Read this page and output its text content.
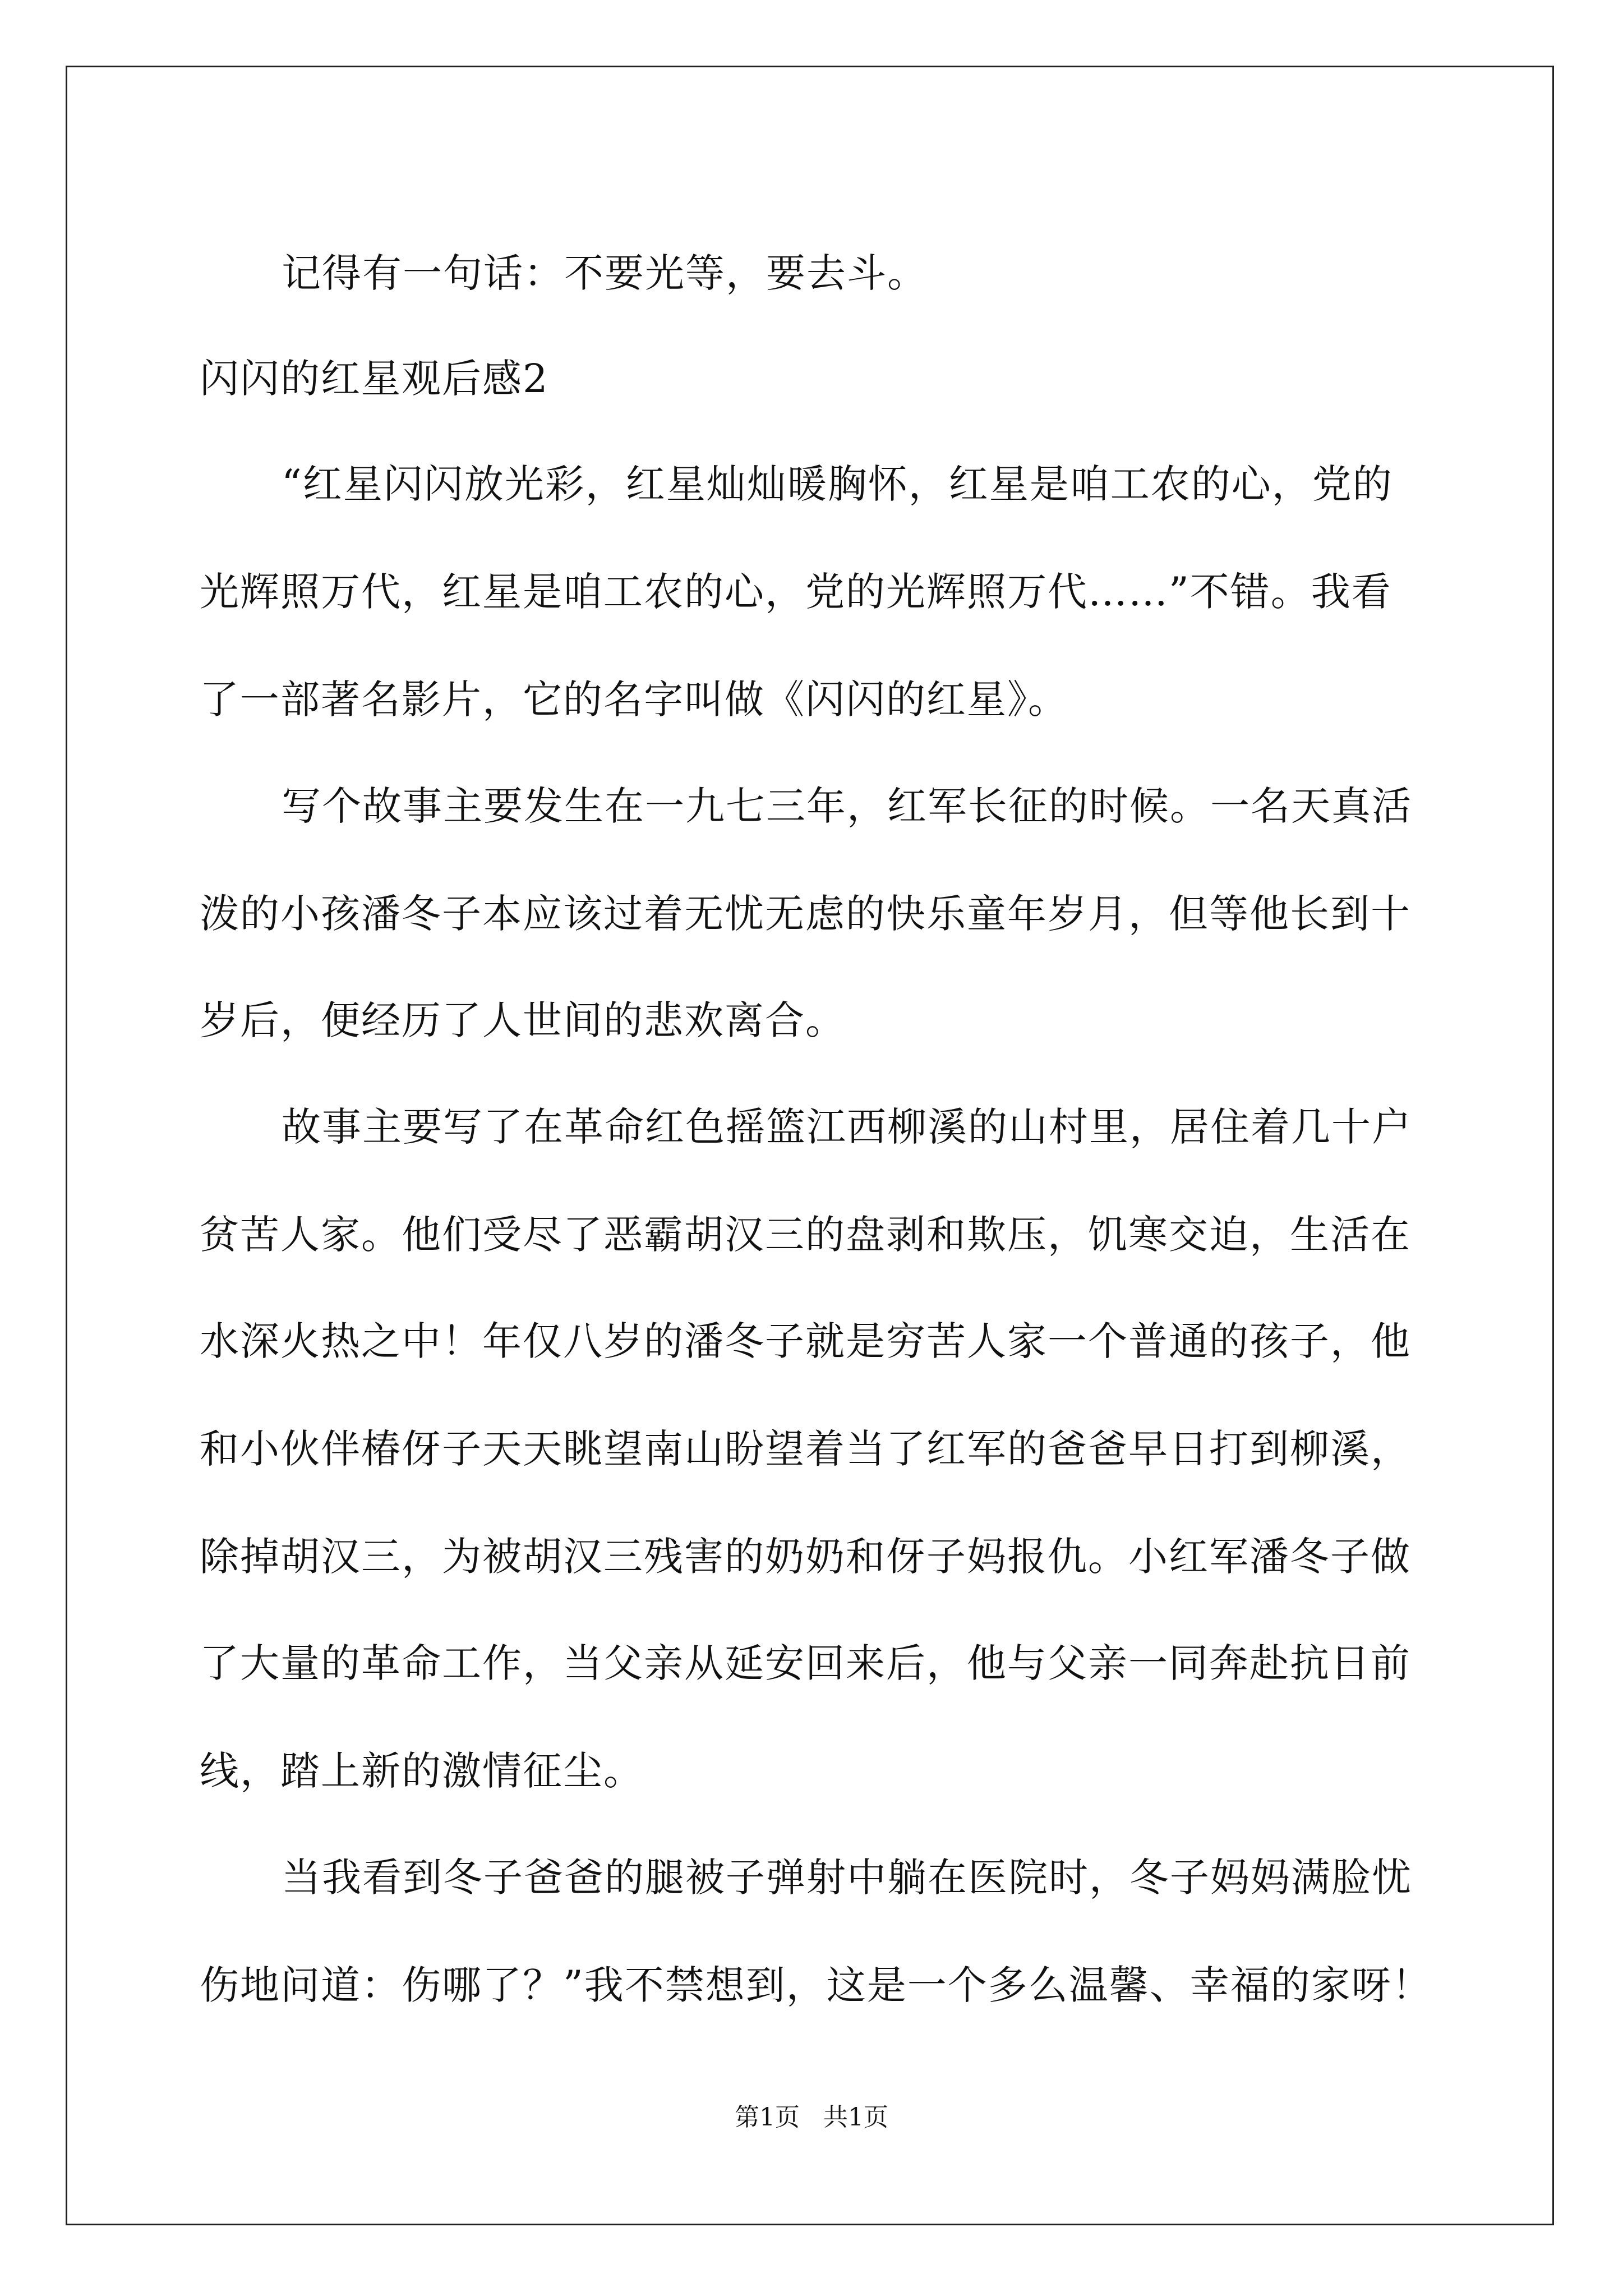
记得有一句话：不要光等，要去斗。
闪闪的红星观后感2
“红星闪闪放光彩，红星灿灿暖胸怀，红星是咱工农的心，党的
光辉照万代，红星是咱工农的心，党的光辉照万代……”不错。我看
了一部著名影片，它的名字叫做《闪闪的红星》。
写个故事主要发生在一九七三年，红军长征的时候。一名天真活
泼的小孩潘冬子本应该过着无忧无虑的快乐童年岁月，但等他长到十
岁后，便经历了人世间的悲欢离合。
故事主要写了在革命红色摇篮江西柳溪的山村里，居住着几十户
贫苦人家。他们受尽了恶霸胡汉三的盘剥和欺压，饥寒交迫，生活在
水深火热之中！年仅八岁的潘冬子就是穷苦人家一个普通的孩子，他
和小伙伴椿伢子天天眺望南山盼望着当了红军的爸爸早日打到柳溪，
除掉胡汉三，为被胡汉三残害的奶奶和伢子妈报仇。小红军潘冬子做
了大量的革命工作，当父亲从延安回来后，他与父亲一同奔赴抗日前
线，踏上新的激情征尘。
当我看到冬子爸爸的腿被子弹射中躺在医院时，冬子妈妈满脸忧
伤地问道：伤哪了？”我不禁想到，这是一个多么温馨、幸福的家呀！
第1页   共1页
